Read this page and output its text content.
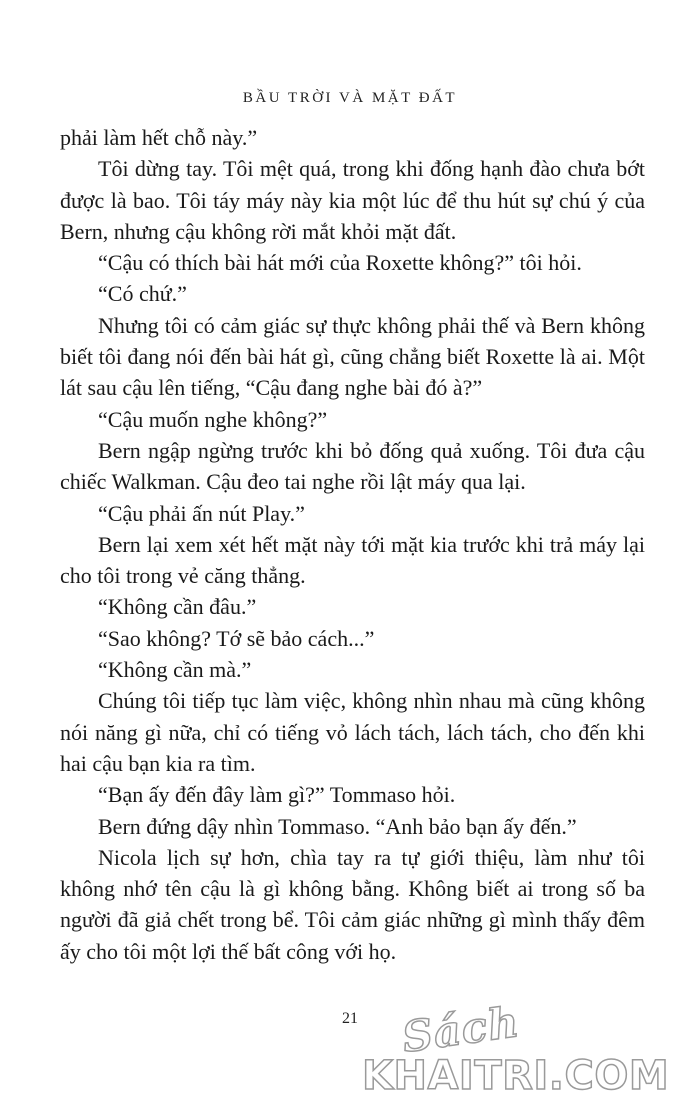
BẦU TRỜI VÀ MẶT ĐẤT

phải làm hết chỗ này.”

Tôi dừng tay. Tôi mệt quá, trong khi đống hạnh đào chưa bớt được là bao. Tôi táy máy này kia một lúc để thu hút sự chú ý của Bern, nhưng cậu không rời mắt khỏi mặt đất.

“Cậu có thích bài hát mới của Roxette không?” tôi hỏi.

“Có chứ.”

Nhưng tôi có cảm giác sự thực không phải thế và Bern không biết tôi đang nói đến bài hát gì, cũng chẳng biết Roxette là ai. Một lát sau cậu lên tiếng, “Cậu đang nghe bài đó à?”

“Cậu muốn nghe không?”

Bern ngập ngừng trước khi bỏ đống quả xuống. Tôi đưa cậu chiếc Walkman. Cậu đeo tai nghe rồi lật máy qua lại.

“Cậu phải ấn nút Play.”

Bern lại xem xét hết mặt này tới mặt kia trước khi trả máy lại cho tôi trong vẻ căng thẳng.

“Không cần đâu.”

“Sao không? Tớ sẽ bảo cách...”

“Không cần mà.”

Chúng tôi tiếp tục làm việc, không nhìn nhau mà cũng không nói năng gì nữa, chỉ có tiếng vỏ lách tách, lách tách, cho đến khi hai cậu bạn kia ra tìm.

“Bạn ấy đến đây làm gì?” Tommaso hỏi.

Bern đứng dậy nhìn Tommaso. “Anh bảo bạn ấy đến.”

Nicola lịch sự hơn, chìa tay ra tự giới thiệu, làm như tôi không nhớ tên cậu là gì không bằng. Không biết ai trong số ba người đã giả chết trong bể. Tôi cảm giác những gì mình thấy đêm ấy cho tôi một lợi thế bất công với họ.

21 Sách
KHAITRI.COM
